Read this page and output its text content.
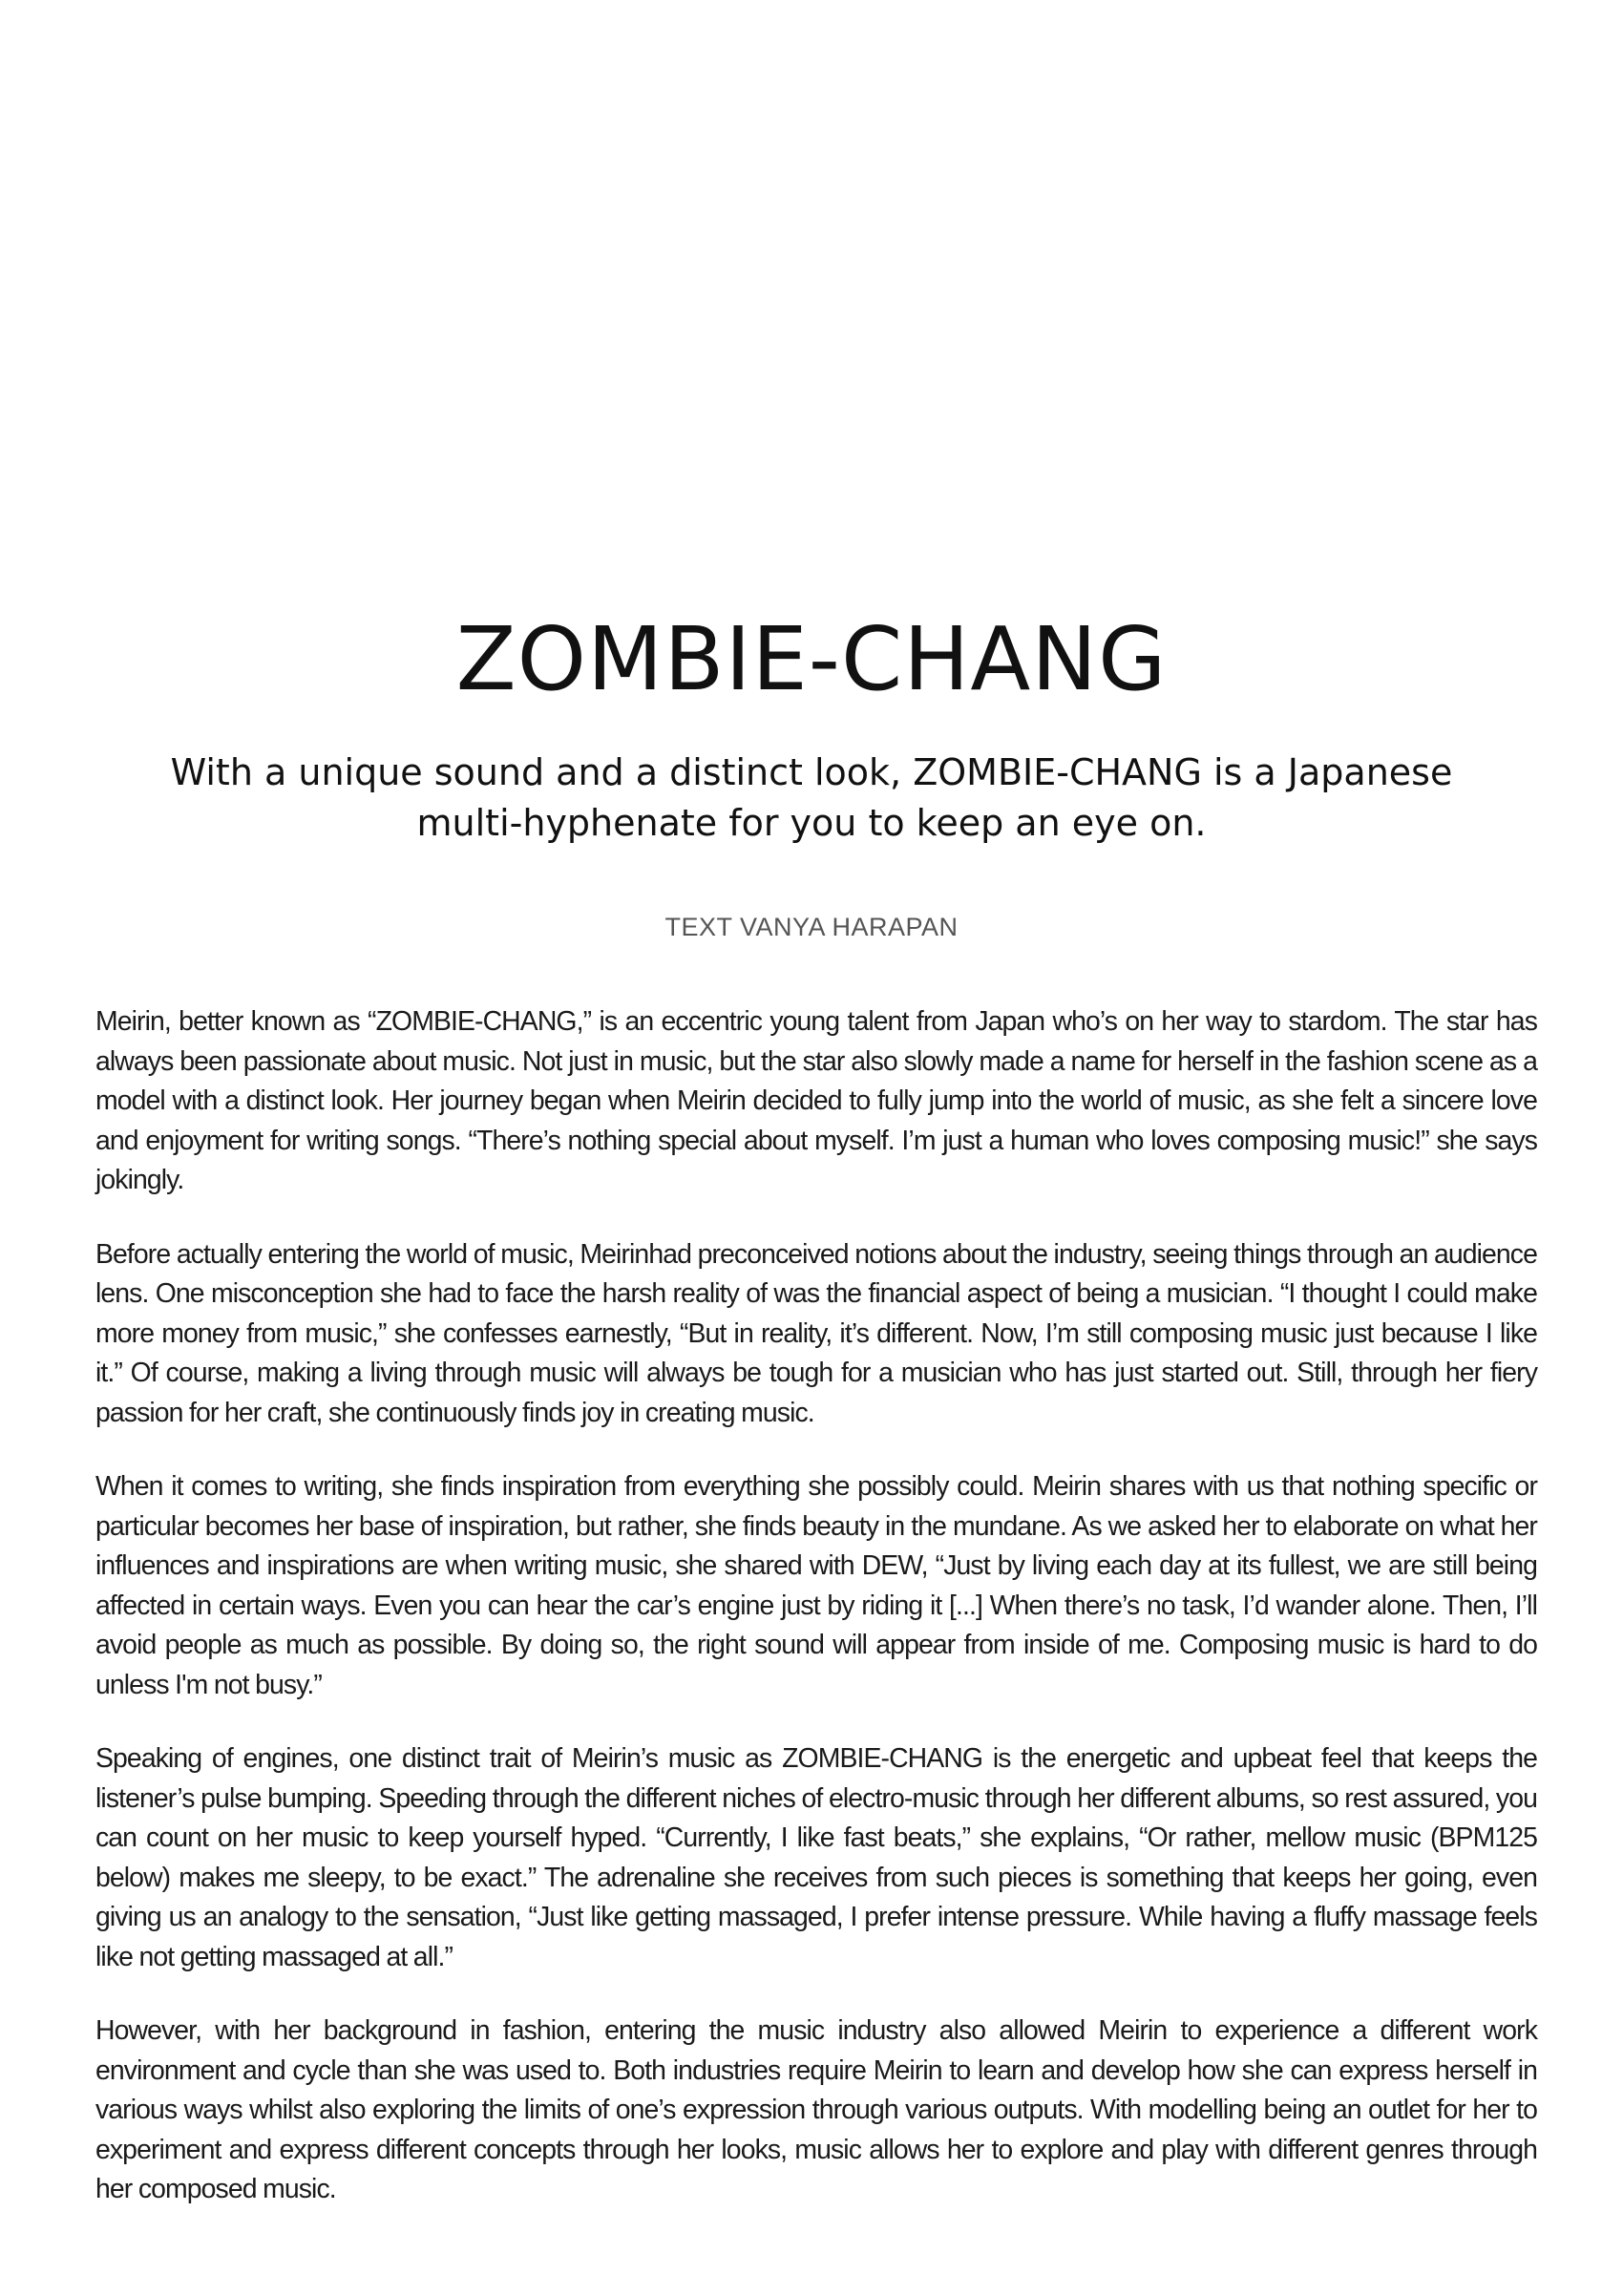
ZOMBIE-CHANG

With a unique sound and a distinct look, ZOMBIE-CHANG is a Japanese multi-hyphenate for you to keep an eye on.

TEXT VANYA HARAPAN

Meirin, better known as “ZOMBIE-CHANG,” is an eccentric young talent from Japan who’s on her way to stardom. The star has always been passionate about music. Not just in music, but the star also slowly made a name for herself in the fashion scene as a model with a distinct look. Her journey began when Meirin decided to fully jump into the world of music, as she felt a sincere love and enjoyment for writing songs. “There’s nothing special about myself. I’m just a human who loves composing music!” she says jokingly.

Before actually entering the world of music, Meirinhad preconceived notions about the industry, seeing things through an audience lens. One misconception she had to face the harsh reality of was the financial aspect of being a musician. “I thought I could make more money from music,” she confesses earnestly, “But in reality, it’s different. Now, I’m still composing music just because I like it.” Of course, making a living through music will always be tough for a musician who has just started out. Still, through her fiery passion for her craft, she continuously finds joy in creating music.

When it comes to writing, she finds inspiration from everything she possibly could. Meirin shares with us that nothing specific or particular becomes her base of inspiration, but rather, she finds beauty in the mundane. As we asked her to elaborate on what her influences and inspirations are when writing music, she shared with DEW, “Just by living each day at its fullest, we are still being affected in certain ways. Even you can hear the car’s engine just by riding it [...] When there’s no task, I’d wander alone. Then, I’ll avoid people as much as possible. By doing so, the right sound will appear from inside of me. Composing music is hard to do unless I'm not busy.”

Speaking of engines, one distinct trait of Meirin’s music as ZOMBIE-CHANG is the energetic and upbeat feel that keeps the listener’s pulse bumping. Speeding through the different niches of electro-music through her different albums, so rest assured, you can count on her music to keep yourself hyped. “Currently, I like fast beats,” she explains, “Or rather, mellow music (BPM125 below) makes me sleepy, to be exact.” The adrenaline she receives from such pieces is something that keeps her going, even giving us an analogy to the sensation, “Just like getting massaged, I prefer intense pressure. While having a fluffy massage feels like not getting massaged at all.”

However, with her background in fashion, entering the music industry also allowed Meirin to experience a different work environment and cycle than she was used to. Both industries require Meirin to learn and develop how she can express herself in various ways whilst also exploring the limits of one’s expression through various outputs. With modelling being an outlet for her to experiment and express different concepts through her looks, music allows her to explore and play with different genres through her composed music.
